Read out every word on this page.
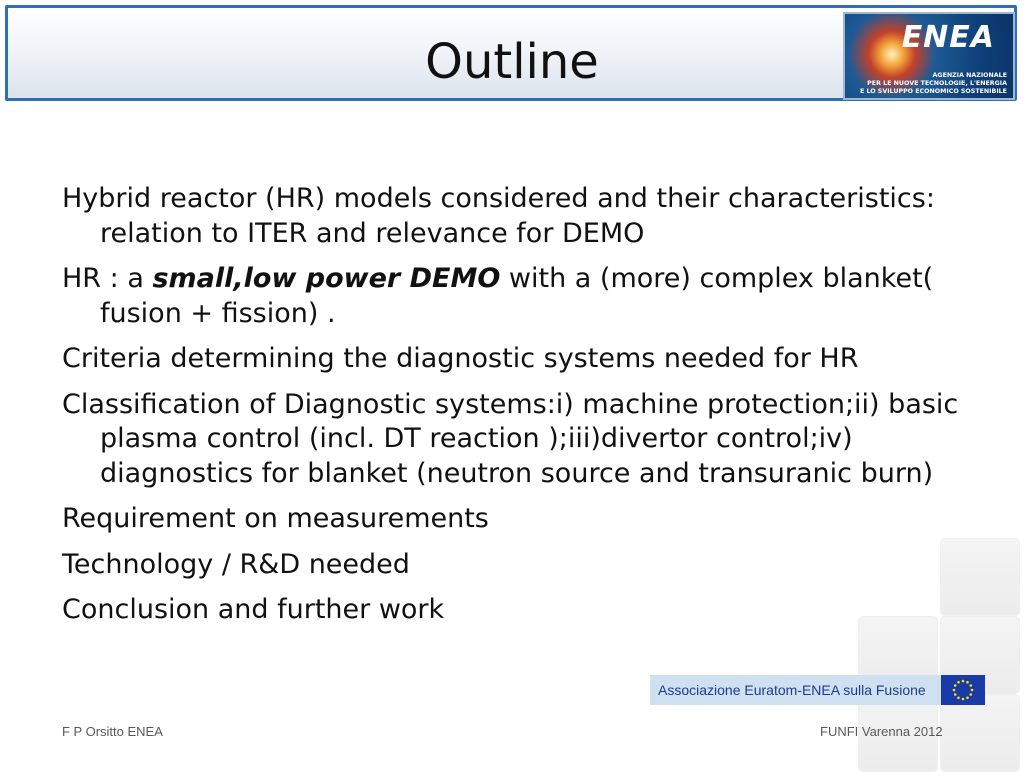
Outline	ENEA
AGENZIA NAZIONALE
PER LE NUOVE TECNOLOGIE, L'ENERGIA
E LO SVILUPPO ECONOMICO SOSTENIBILE
Hybrid reactor (HR) models considered and their characteristics: relation to ITER and relevance for DEMO
HR : a small,low power DEMO with a (more) complex blanket( fusion + fission) .
Criteria determining the diagnostic systems needed for HR
Classification of Diagnostic systems:i) machine protection;ii) basic plasma control (incl. DT reaction );iii)divertor control;iv) diagnostics for blanket (neutron source and transuranic burn)
Requirement on measurements
Technology / R&D needed
Conclusion and further work
Associazione Euratom-ENEA sulla Fusione
F P Orsitto ENEA	FUNFI Varenna 2012
